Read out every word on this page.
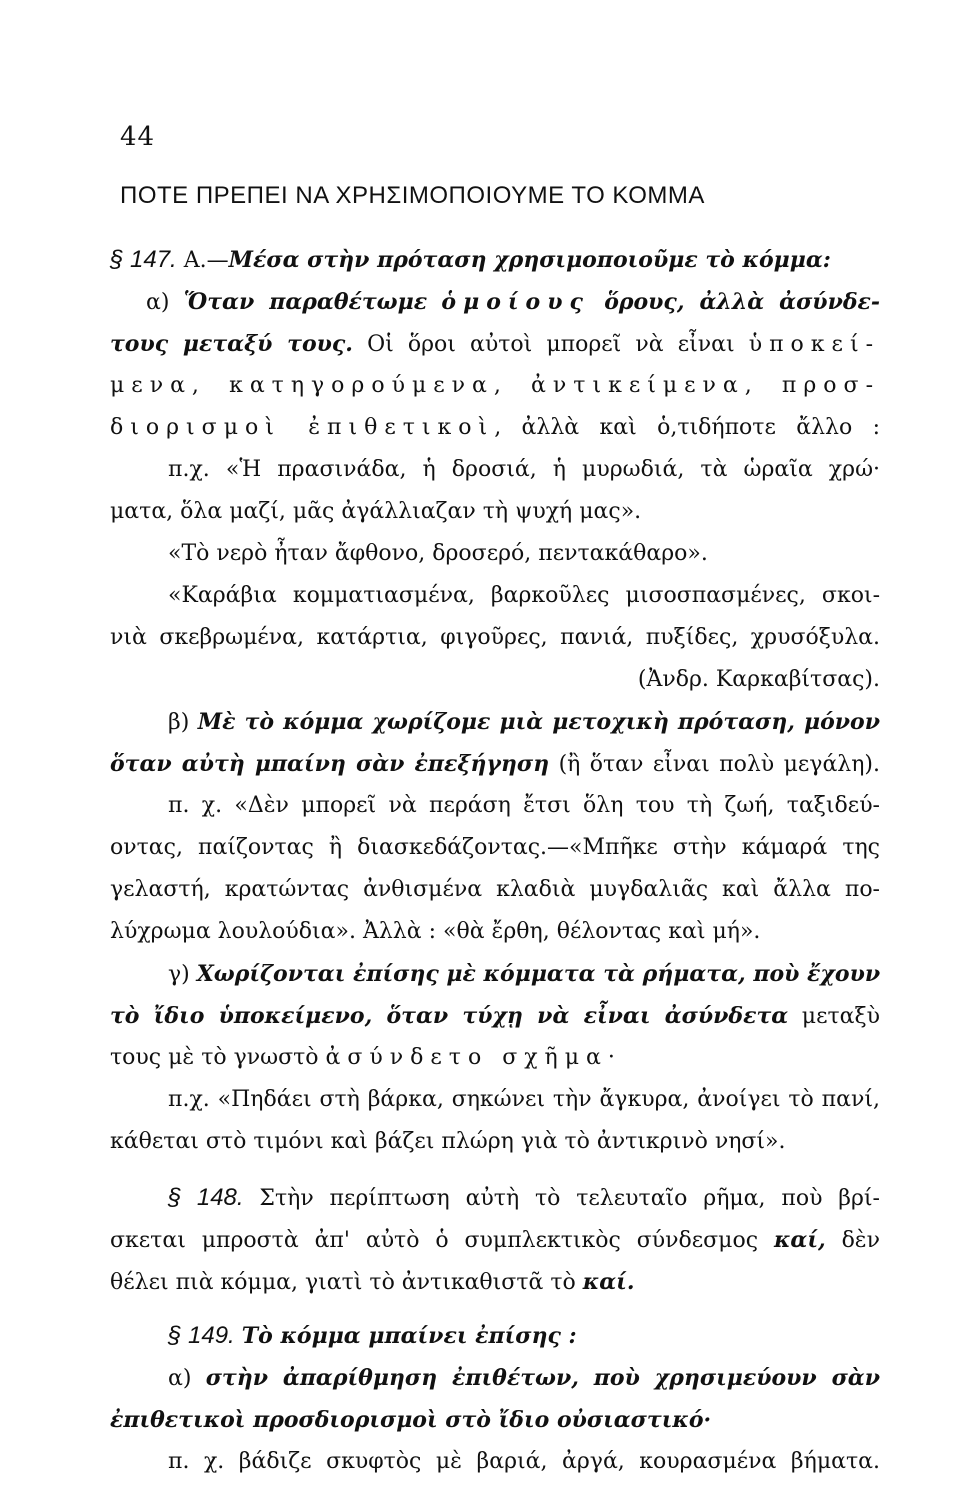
44
ΠΟΤΕ ΠΡΕΠΕΙ ΝΑ ΧΡΗΣΙΜΟΠΟΙΟΥΜΕ ΤΟ ΚΟΜΜΑ
§ 147. Α.—Μέσα στὴν πρόταση χρησιμοποιοῦμε τὸ κόμμα:
α) Ὅταν παραθέτωμε ὁμοίους ὅρους, ἀλλὰ ἀσύνδε-
τους μεταξύ τους. Οἱ ὅροι αὐτοὶ μπορεῖ νὰ εἶναι ὑποκεί-
μενα, κατηγορούμενα, ἀντικείμενα, προσ-
διορισμοὶ ἐπιθετικοὶ, ἀλλὰ καὶ ὁ,τιδήποτε ἄλλο :
π.χ. «Ἡ πρασινάδα, ἡ δροσιά, ἡ μυρωδιά, τὰ ὡραῖα χρώ·
ματα, ὅλα μαζί, μᾶς ἀγάλλιαζαν τὴ ψυχή μας».
«Τὸ νερὸ ἦταν ἄφθονο, δροσερό, πεντακάθαρο».
«Καράβια κομματιασμένα, βαρκοῦλες μισοσπασμένες, σκοι-
νιὰ σκεβρωμένα, κατάρτια, φιγοῦρες, πανιά, πυξίδες, χρυσόξυλα.
(Ἀνδρ. Καρκαβίτσας).
β) Μὲ τὸ κόμμα χωρίζομε μιὰ μετοχικὴ πρόταση, μόνον
ὅταν αὐτὴ μπαίνη σὰν ἐπεξήγηση (ἢ ὅταν εἶναι πολὺ μεγάλη).
π. χ. «Δὲν μπορεῖ νὰ περάση ἔτσι ὅλη του τὴ ζωή, ταξιδεύ-
οντας, παίζοντας ἢ διασκεδάζοντας.—«Μπῆκε στὴν κάμαρά της
γελαστή, κρατώντας ἀνθισμένα κλαδιὰ μυγδαλιᾶς καὶ ἄλλα πο-
λύχρωμα λουλούδια». Ἀλλὰ : «θὰ ἔρθη, θέλοντας καὶ μή».
γ) Χωρίζονται ἐπίσης μὲ κόμματα τὰ ρήματα, ποὺ ἔχουν
τὸ ἴδιο ὑποκείμενο, ὅταν τύχῃ νὰ εἶναι ἀσύνδετα μεταξὺ
τους μὲ τὸ γνωστὸ ἀσύνδετο σχῆμα·
π.χ. «Πηδάει στὴ βάρκα, σηκώνει τὴν ἄγκυρα, ἀνοίγει τὸ πανί,
κάθεται στὸ τιμόνι καὶ βάζει πλώρη γιὰ τὸ ἀντικρινὸ νησί».
§ 148. Στὴν περίπτωση αὐτὴ τὸ τελευταῖο ρῆμα, ποὺ βρί-
σκεται μπροστὰ ἀπ' αὐτὸ ὁ συμπλεκτικὸς σύνδεσμος καί, δὲν
θέλει πιὰ κόμμα, γιατὶ τὸ ἀντικαθιστᾶ τὸ καί.
§ 149. Τὸ κόμμα μπαίνει ἐπίσης :
α) στὴν ἀπαρίθμηση ἐπιθέτων, ποὺ χρησιμεύουν σὰν
ἐπιθετικοὶ προσδιορισμοὶ στὸ ἴδιο οὐσιαστικό·
π. χ. βάδιζε σκυφτὸς μὲ βαριά, ἀργά, κουρασμένα βήματα.
